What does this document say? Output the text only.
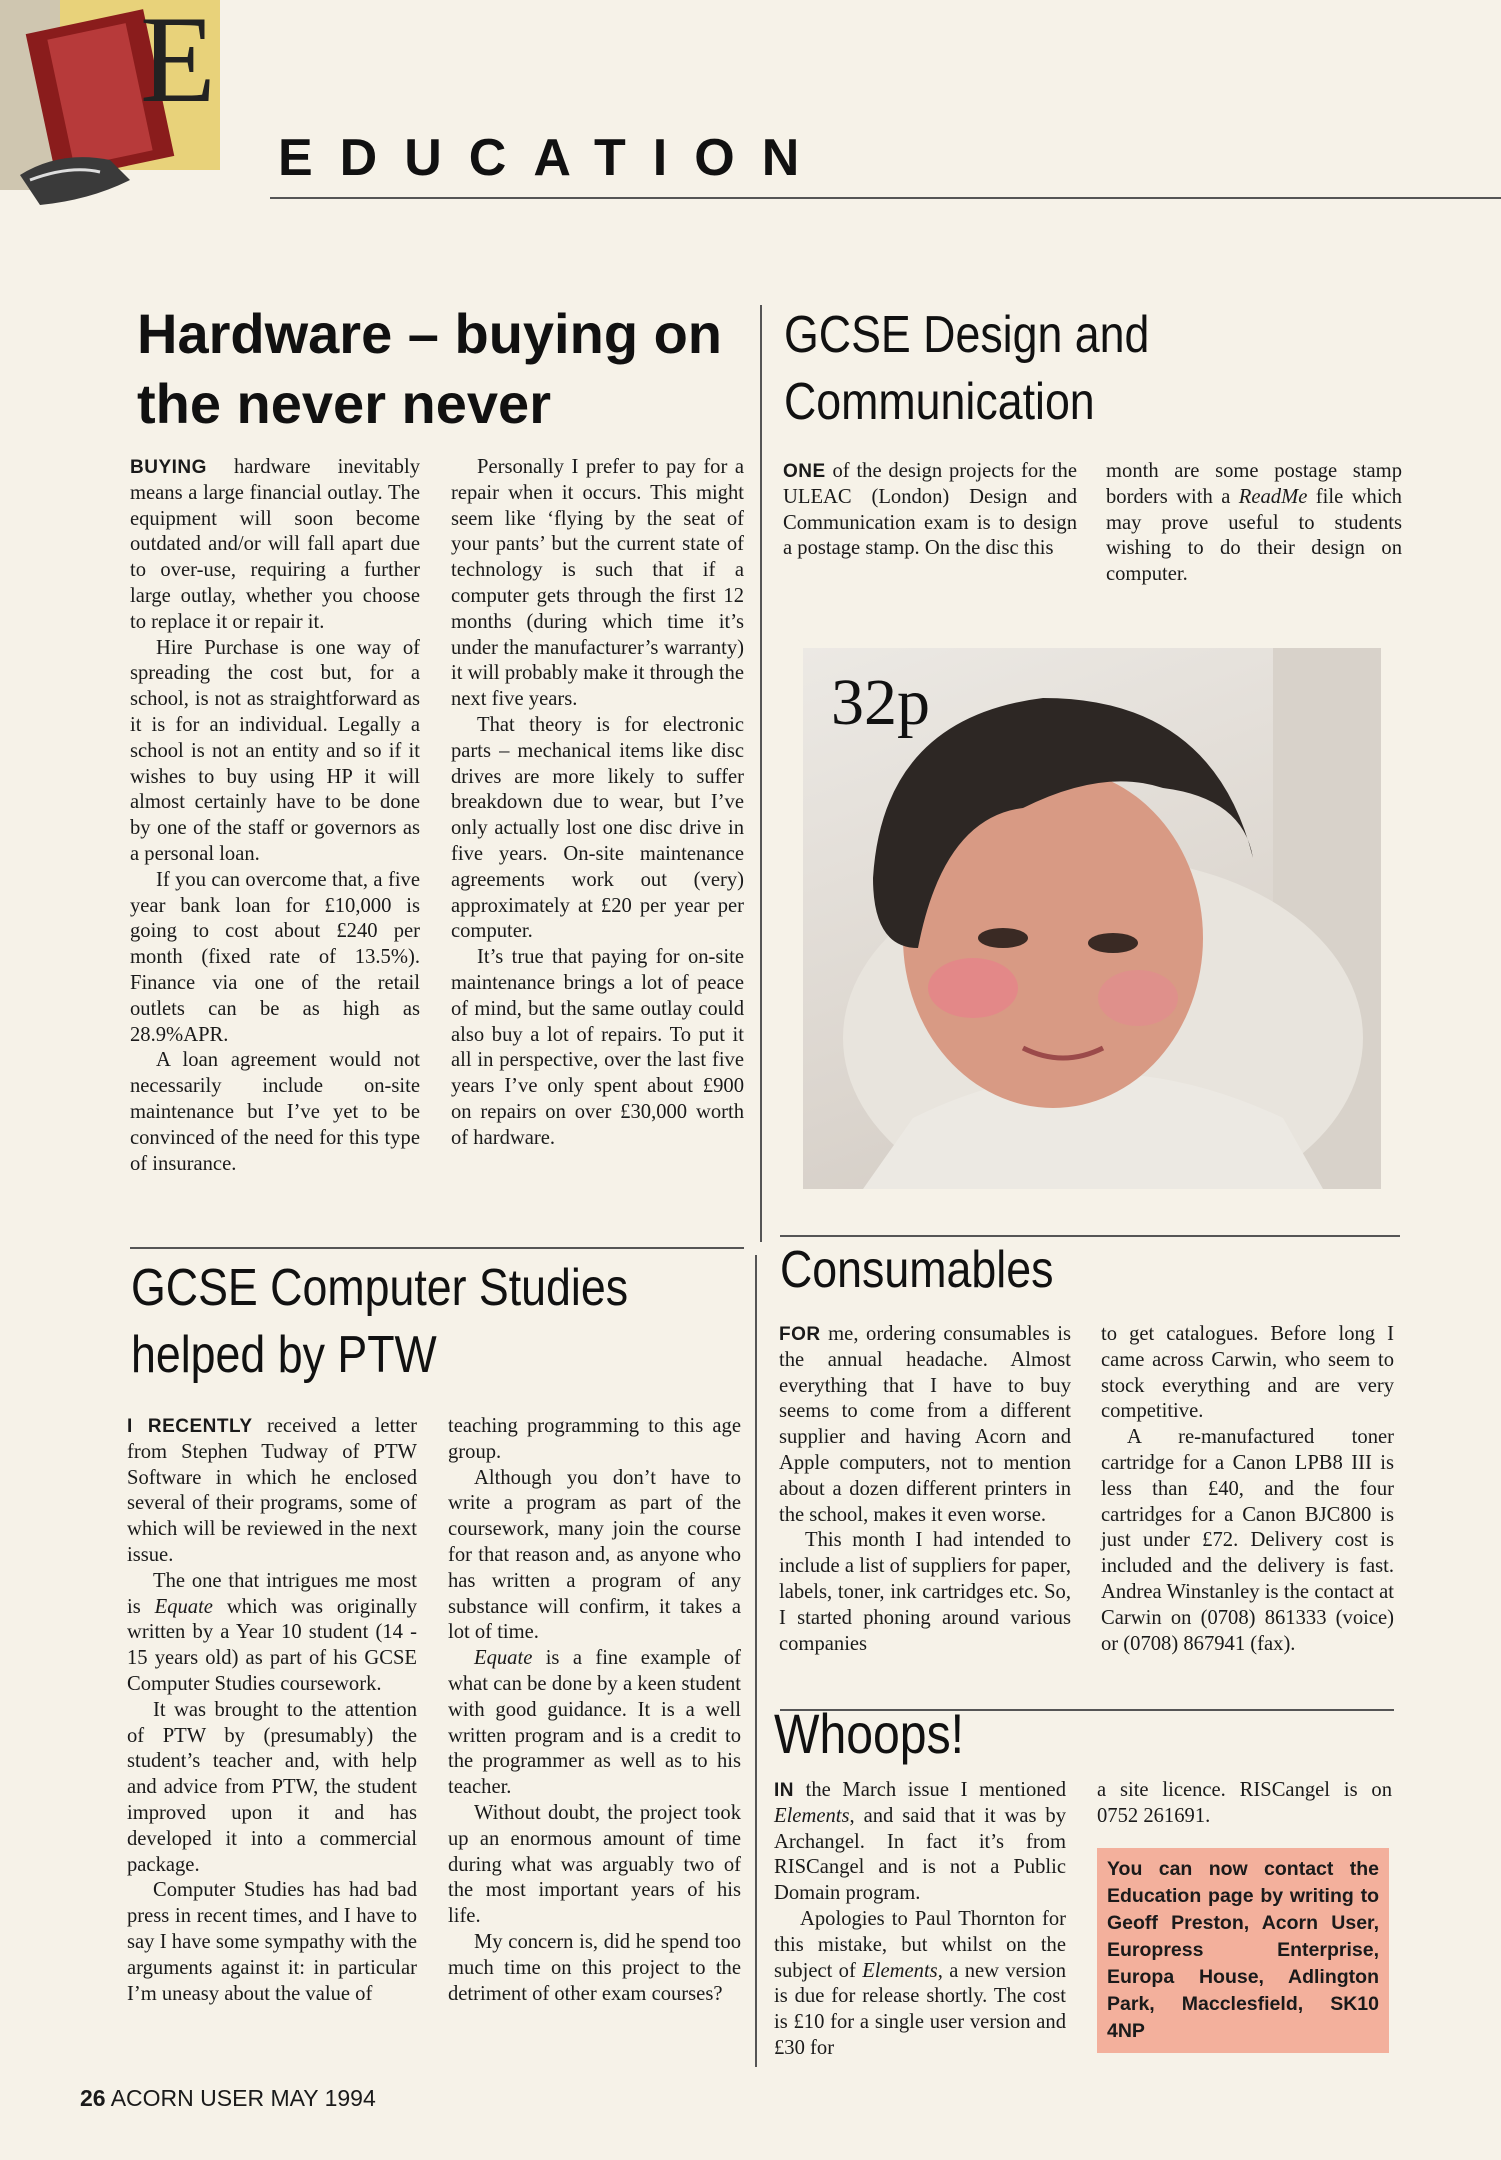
E
EDUCATION
Hardware – buying on
the never never

BUYING hardware inevitably means a large financial outlay. The equipment will soon become outdated and/or will fall apart due to over-use, requiring a further large outlay, whether you choose to replace it or repair it.

Hire Purchase is one way of spreading the cost but, for a school, is not as straightforward as it is for an individual. Legally a school is not an entity and so if it wishes to buy using HP it will almost certainly have to be done by one of the staff or governors as a personal loan.

If you can overcome that, a five year bank loan for £10,000 is going to cost about £240 per month (fixed rate of 13.5%). Finance via one of the retail outlets can be as high as 28.9%APR.

A loan agreement would not necessarily include on-site maintenance but I’ve yet to be convinced of the need for this type of insurance.

Personally I prefer to pay for a repair when it occurs. This might seem like ‘flying by the seat of your pants’ but the current state of technology is such that if a computer gets through the first 12 months (during which time it’s under the manufacturer’s warranty) it will probably make it through the next five years.

That theory is for electronic parts – mechanical items like disc drives are more likely to suffer breakdown due to wear, but I’ve only actually lost one disc drive in five years. On-site maintenance agreements work out (very) approximately at £20 per year per computer.

It’s true that paying for on-site maintenance brings a lot of peace of mind, but the same outlay could also buy a lot of repairs. To put it all in perspective, over the last five years I’ve only spent about £900 on repairs on over £30,000 worth of hardware.

GCSE Design and
Communication

ONE of the design projects for the ULEAC (London) Design and Communication exam is to design a postage stamp. On the disc this

month are some postage stamp borders with a ReadMe file which may prove useful to students wishing to do their design on computer.

32p
GCSE Computer Studies
helped by PTW

I RECENTLY received a letter from Stephen Tudway of PTW Software in which he enclosed several of their programs, some of which will be reviewed in the next issue.

The one that intrigues me most is Equate which was originally written by a Year 10 student (14 - 15 years old) as part of his GCSE Computer Studies coursework.

It was brought to the attention of PTW by (presumably) the student’s teacher and, with help and advice from PTW, the student improved upon it and has developed it into a commercial package.

Computer Studies has had bad press in recent times, and I have to say I have some sympathy with the arguments against it: in particular I’m uneasy about the value of

teaching programming to this age group.

Although you don’t have to write a program as part of the coursework, many join the course for that reason and, as anyone who has written a program of any substance will confirm, it takes a lot of time.

Equate is a fine example of what can be done by a keen student with good guidance. It is a well written program and is a credit to the programmer as well as to his teacher.

Without doubt, the project took up an enormous amount of time during what was arguably two of the most important years of his life.

My concern is, did he spend too much time on this project to the detriment of other exam courses?

Consumables

FOR me, ordering consumables is the annual headache. Almost everything that I have to buy seems to come from a different supplier and having Acorn and Apple computers, not to mention about a dozen different printers in the school, makes it even worse.

This month I had intended to include a list of suppliers for paper, labels, toner, ink cartridges etc. So, I started phoning around various companies

to get catalogues. Before long I came across Carwin, who seem to stock everything and are very competitive.

A re-manufactured toner cartridge for a Canon LPB8 III is less than £40, and the four cartridges for a Canon BJC800 is just under £72. Delivery cost is included and the delivery is fast. Andrea Winstanley is the contact at Carwin on (0708) 861333 (voice) or (0708) 867941 (fax).

Whoops!

IN the March issue I mentioned Elements, and said that it was by Archangel. In fact it’s from RISCangel and is not a Public Domain program.

Apologies to Paul Thornton for this mistake, but whilst on the subject of Elements, a new version is due for release shortly. The cost is £10 for a single user version and £30 for

a site licence. RISCangel is on 0752 261691.

You can now contact the Education page by writing to Geoff Preston, Acorn User, Europress Enterprise, Europa House, Adlington Park, Macclesfield, SK10 4NP
26 ACORN USER MAY 1994
